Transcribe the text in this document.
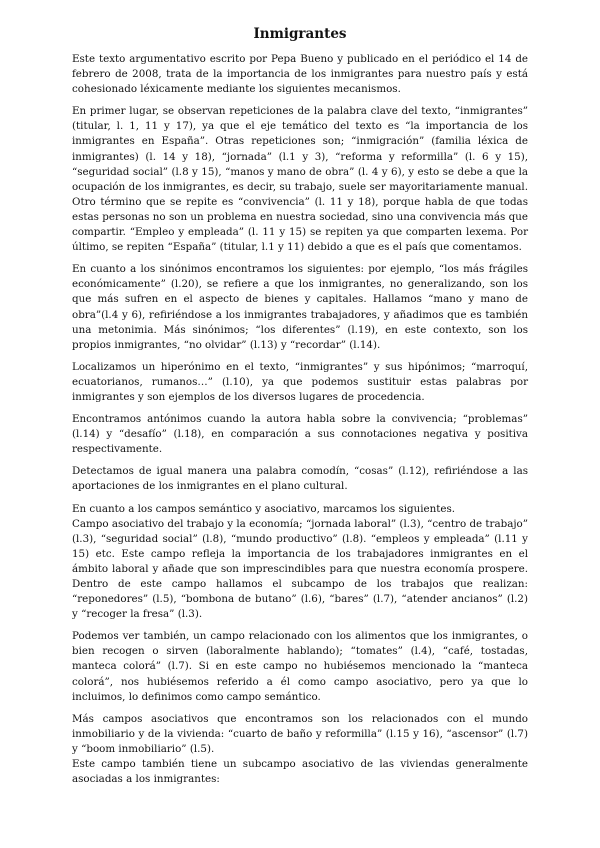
Inmigrantes

Este texto argumentativo escrito por Pepa Bueno y publicado en el periódico el 14 de febrero de 2008, trata de la importancia de los inmigrantes para nuestro país y está cohesionado léxicamente mediante los siguientes mecanismos.

En primer lugar, se observan repeticiones de la palabra clave del texto, “inmigrantes” (titular, l. 1, 11 y 17), ya que el eje temático del texto es “la importancia de los inmigrantes en España”. Otras repeticiones son; “inmigración” (familia léxica de inmigrantes) (l. 14 y 18), “jornada” (l.1 y 3), “reforma y reformilla” (l. 6 y 15), “seguridad social” (l.8 y 15), “manos y mano de obra” (l. 4 y 6), y esto se debe a que la ocupación de los inmigrantes, es decir, su trabajo, suele ser mayoritariamente manual. Otro término que se repite es “convivencia” (l. 11 y 18), porque habla de que todas estas personas no son un problema en nuestra sociedad, sino una convivencia más que compartir. “Empleo y empleada” (l. 11 y 15) se repiten ya que comparten lexema. Por último, se repiten “España” (titular, l.1 y 11) debido a que es el país que comentamos.

En cuanto a los sinónimos encontramos los siguientes: por ejemplo, “los más frágiles económicamente” (l.20), se refiere a que los inmigrantes, no generalizando, son los que más sufren en el aspecto de bienes y capitales. Hallamos “mano y mano de obra”(l.4 y 6), refiriéndose a los inmigrantes trabajadores, y añadimos que es también una metonimia. Más sinónimos; “los diferentes” (l.19), en este contexto, son los propios inmigrantes, “no olvidar” (l.13) y “recordar” (l.14).

Localizamos un hiperónimo en el texto, “inmigrantes” y sus hipónimos; “marroquí, ecuatorianos, rumanos…” (l.10), ya que podemos sustituir estas palabras por inmigrantes y son ejemplos de los diversos lugares de procedencia.

Encontramos antónimos cuando la autora habla sobre la convivencia; “problemas” (l.14) y “desafío” (l.18), en comparación a sus connotaciones negativa y positiva respectivamente.

Detectamos de igual manera una palabra comodín, “cosas” (l.12), refiriéndose a las aportaciones de los inmigrantes en el plano cultural.

En cuanto a los campos semántico y asociativo, marcamos los siguientes.

Campo asociativo del trabajo y la economía; “jornada laboral” (l.3), “centro de trabajo” (l.3), “seguridad social” (l.8), “mundo productivo” (l.8). “empleos y empleada” (l.11 y 15) etc. Este campo refleja la importancia de los trabajadores inmigrantes en el ámbito laboral y añade que son imprescindibles para que nuestra economía prospere. Dentro de este campo hallamos el subcampo de los trabajos que realizan: “reponedores” (l.5), “bombona de butano” (l.6), “bares” (l.7), “atender ancianos” (l.2) y “recoger la fresa” (l.3).

Podemos ver también, un campo relacionado con los alimentos que los inmigrantes, o bien recogen o sirven (laboralmente hablando); “tomates” (l.4), “café, tostadas, manteca colorá” (l.7). Si en este campo no hubiésemos mencionado la “manteca colorá”, nos hubiésemos referido a él como campo asociativo, pero ya que lo incluimos, lo definimos como campo semántico.

Más campos asociativos que encontramos son los relacionados con el mundo inmobiliario y de la vivienda: “cuarto de baño y reformilla” (l.15 y 16), “ascensor” (l.7) y “boom inmobiliario” (l.5).

Este campo también tiene un subcampo asociativo de las viviendas generalmente asociadas a los inmigrantes:
